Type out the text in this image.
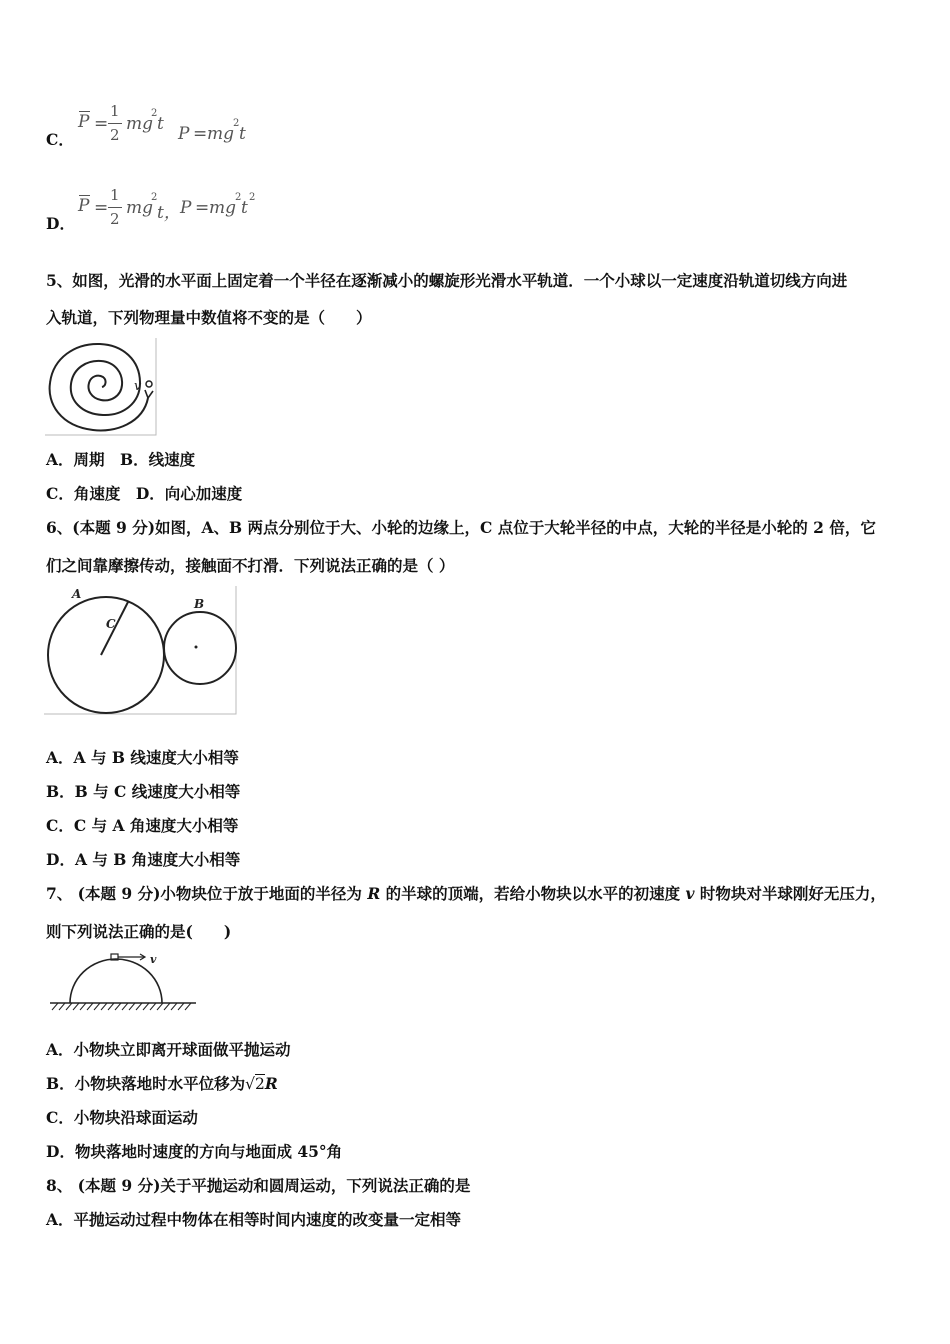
C．
P =
1
2
mg
2
t P = mg
2
t
D．
P =
1
2
mg
2
t， P = mg
2
t
2
5、如图，光滑的水平面上固定着一个半径在逐渐减小的螺旋形光滑水平轨道．一个小球以一定速度沿轨道切线方向进
入轨道，下列物理量中数值将不变的是（　　）
v
A．周期　B．线速度
C．角速度　D．向心加速度
6、(本题 9 分)如图，A、B 两点分别位于大、小轮的边缘上，C 点位于大轮半径的中点，大轮的半径是小轮的 2 倍，它
们之间靠摩擦传动，接触面不打滑．下列说法正确的是（ ）
A
B
C
A．A 与 B 线速度大小相等
B．B 与 C 线速度大小相等
C．C 与 A 角速度大小相等
D．A 与 B 角速度大小相等
7、 (本题 9 分)小物块位于放于地面的半径为 R 的半球的顶端，若给小物块以水平的初速度 v 时物块对半球刚好无压力，
则下列说法正确的是(　　)
v
A．小物块立即离开球面做平抛运动
B．小物块落地时水平位移为√2R
C．小物块沿球面运动
D．物块落地时速度的方向与地面成 45°角
8、 (本题 9 分)关于平抛运动和圆周运动，下列说法正确的是
A．平抛运动过程中物体在相等时间内速度的改变量一定相等
